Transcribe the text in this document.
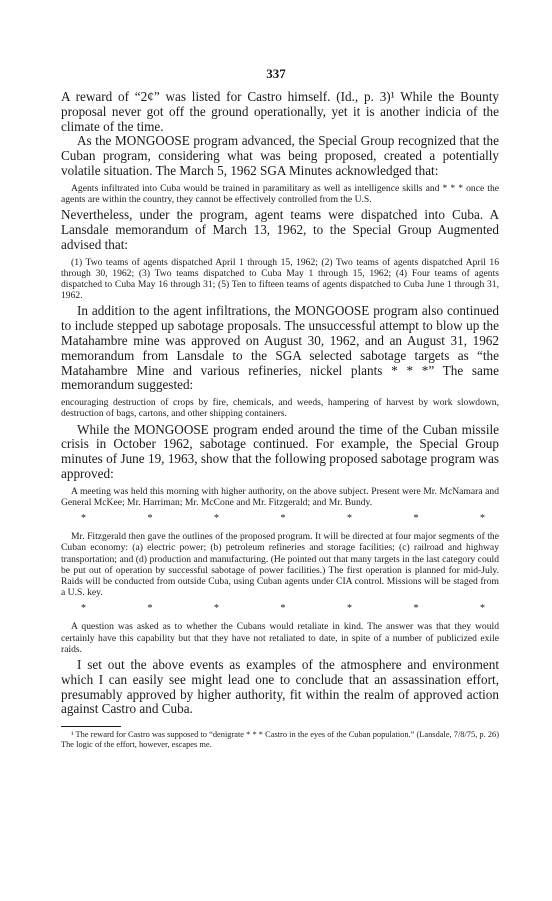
337

A reward of “2¢” was listed for Castro himself. (Id., p. 3)¹ While the Bounty proposal never got off the ground operationally, yet it is another indicia of the climate of the time.

As the MONGOOSE program advanced, the Special Group recognized that the Cuban program, considering what was being proposed, created a potentially volatile situation. The March 5, 1962 SGA Minutes acknowledged that:

Agents infiltrated into Cuba would be trained in paramilitary as well as intelligence skills and * * * once the agents are within the country, they cannot be effectively controlled from the U.S.

Nevertheless, under the program, agent teams were dispatched into Cuba. A Lansdale memorandum of March 13, 1962, to the Special Group Augmented advised that:

(1) Two teams of agents dispatched April 1 through 15, 1962; (2) Two teams of agents dispatched April 16 through 30, 1962; (3) Two teams dispatched to Cuba May 1 through 15, 1962; (4) Four teams of agents dispatched to Cuba May 16 through 31; (5) Ten to fifteen teams of agents dispatched to Cuba June 1 through 31, 1962.

In addition to the agent infiltrations, the MONGOOSE program also continued to include stepped up sabotage proposals. The unsuccessful attempt to blow up the Matahambre mine was approved on August 30, 1962, and an August 31, 1962 memorandum from Lansdale to the SGA selected sabotage targets as “the Matahambre Mine and various refineries, nickel plants * * *” The same memorandum suggested:

encouraging destruction of crops by fire, chemicals, and weeds, hampering of harvest by work slowdown, destruction of bags, cartons, and other shipping containers.

While the MONGOOSE program ended around the time of the Cuban missile crisis in October 1962, sabotage continued. For example, the Special Group minutes of June 19, 1963, show that the following proposed sabotage program was approved:

A meeting was held this morning with higher authority, on the above subject. Present were Mr. McNamara and General McKee; Mr. Harriman; Mr. McCone and Mr. Fitzgerald; and Mr. Bundy.

*	*	*	*	*	*	*

Mr. Fitzgerald then gave the outlines of the proposed program. It will be directed at four major segments of the Cuban economy: (a) electric power; (b) petroleum refineries and storage facilities; (c) railroad and highway transportation; and (d) production and manufacturing. (He pointed out that many targets in the last category could be put out of operation by successful sabotage of power facilities.) The first operation is planned for mid-July. Raids will be conducted from outside Cuba, using Cuban agents under CIA control. Missions will be staged from a U.S. key.

*	*	*	*	*	*	*

A question was asked as to whether the Cubans would retaliate in kind. The answer was that they would certainly have this capability but that they have not retaliated to date, in spite of a number of publicized exile raids.

I set out the above events as examples of the atmosphere and environment which I can easily see might lead one to conclude that an assassination effort, presumably approved by higher authority, fit within the realm of approved action against Castro and Cuba.

¹ The reward for Castro was supposed to “denigrate * * * Castro in the eyes of the Cuban population.” (Lansdale, 7/8/75, p. 26) The logic of the effort, however, escapes me.
